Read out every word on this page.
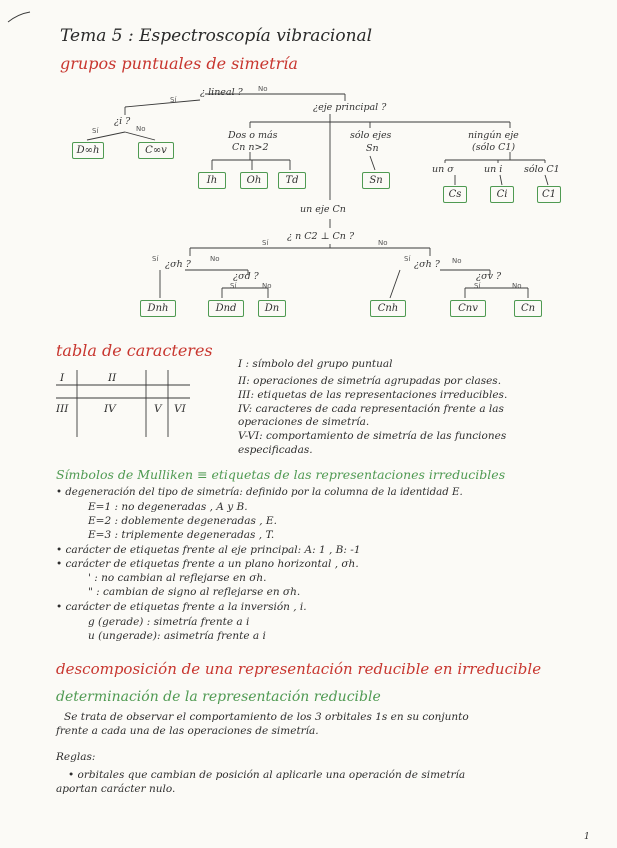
Tema 5 : Espectroscopía vibracional
grupos puntuales de simetría
¿ lineal ?
Sí
No
¿eje principal ?
¿i ?
Sí	No
D∞h	C∞v
Dos o más
Cn n>2
sólo ejes
Sn
ningún eje
(sólo C1)
Ih	Oh	Td	Sn
un σ	un i sólo C1
Cs	Ci	C1
un eje Cn
¿ n C2 ⊥ Cn ?
Sí	No
¿σh ?
Sí	No
¿σd ?
Sí	No
¿σh ?
Sí	No
¿σv ?
Sí	No
Dnh	Dnd	Dn	Cnh	Cnv	Cn
tabla de caracteres
I	II
III	IV	V VI
I : símbolo del grupo puntual
II: operaciones de simetría agrupadas por clases.
III: etiquetas de las representaciones irreducibles.
IV: caracteres de cada representación frente a las
operaciones de simetría.
V-VI: comportamiento de simetría de las funciones
especificadas.
Símbolos de Mulliken ≡ etiquetas de las representaciones irreducibles
• degeneración del tipo de simetría: definido por la columna de la identidad E.
E=1 : no degeneradas , A y B.
E=2 : doblemente degeneradas , E.
E=3 : triplemente degeneradas , T.
• carácter de etiquetas frente al eje principal: A: 1 , B: -1
• carácter de etiquetas frente a un plano horizontal , σh.
' : no cambian al reflejarse en σh.
" : cambian de signo al reflejarse en σh.
• carácter de etiquetas frente a la inversión , i.
g (gerade) : simetría frente a i
u (ungerade): asimetría frente a i
descomposición de una representación reducible en irreducible
determinación de la representación reducible
Se trata de observar el comportamiento de los 3 orbitales 1s en su conjunto
frente a cada una de las operaciones de simetría.
Reglas:
• orbitales que cambian de posición al aplicarle una operación de simetría
aportan carácter nulo.
1
